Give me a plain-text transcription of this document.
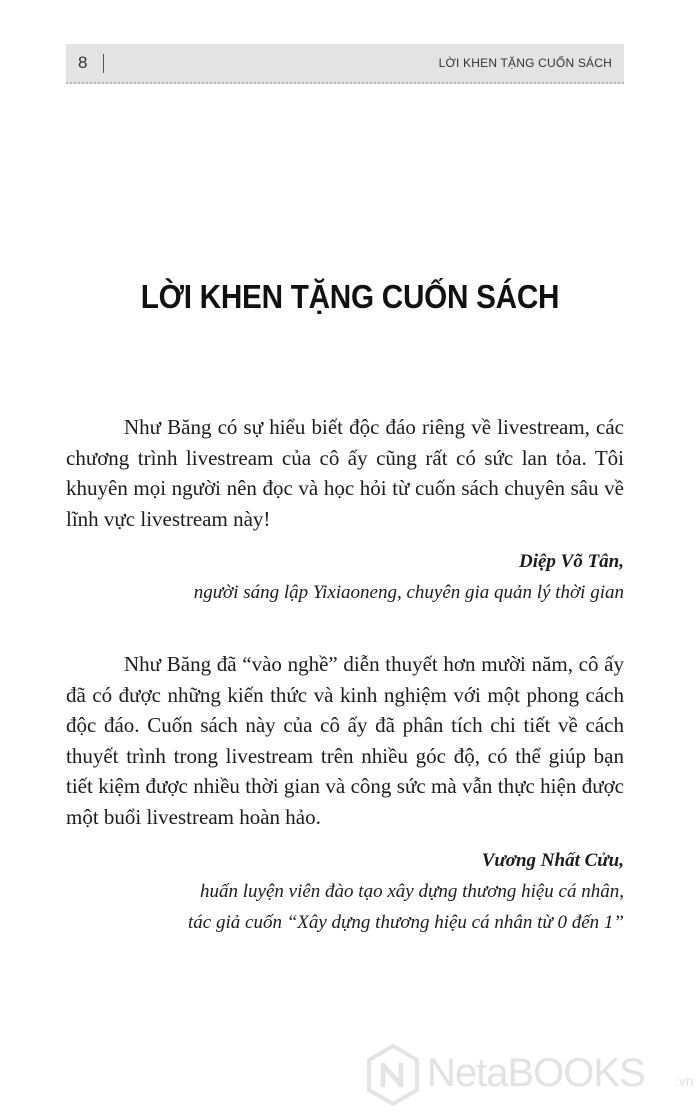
8	LỜI KHEN TẶNG CUỐN SÁCH
LỜI KHEN TẶNG CUỐN SÁCH

Như Băng có sự hiểu biết độc đáo riêng về livestream, các chương trình livestream của cô ấy cũng rất có sức lan tỏa. Tôi khuyên mọi người nên đọc và học hỏi từ cuốn sách chuyên sâu về lĩnh vực livestream này!

Diệp Võ Tân,
người sáng lập Yixiaoneng, chuyên gia quản lý thời gian

Như Băng đã “vào nghề” diễn thuyết hơn mười năm, cô ấy đã có được những kiến thức và kinh nghiệm với một phong cách độc đáo. Cuốn sách này của cô ấy đã phân tích chi tiết về cách thuyết trình trong livestream trên nhiều góc độ, có thể giúp bạn tiết kiệm được nhiều thời gian và công sức mà vẫn thực hiện được một buổi livestream hoàn hảo.

Vương Nhất Cửu,
huấn luyện viên đào tạo xây dựng thương hiệu cá nhân,
tác giả cuốn “Xây dựng thương hiệu cá nhân từ 0 đến 1”
NetaBOOKS .vn
